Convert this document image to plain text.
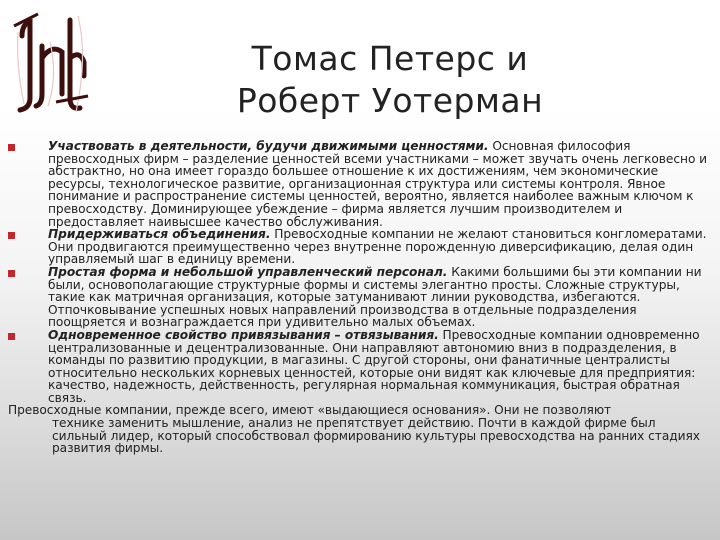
Томас Петерс и
Роберт Уотерман
Участвовать в деятельности, будучи движимыми ценностями. Основная философия превосходных фирм – разделение ценностей всеми участниками – может звучать очень легковесно и абстрактно, но она имеет гораздо большее отношение к их достижениям, чем экономические ресурсы, технологическое развитие, организационная структура или системы контроля. Явное понимание и распространение системы ценностей, вероятно, является наиболее важным ключом к превосходству. Доминирующее убеждение – фирма является лучшим производителем и предоставляет наивысшее качество обслуживания.
Придерживаться объединения. Превосходные компании не желают становиться конгломератами. Они продвигаются преимущественно через внутренне порожденную диверсификацию, делая один управляемый шаг в единицу времени.
Простая форма и небольшой управленческий персонал. Какими большими бы эти компании ни были, основополагающие структурные формы и системы элегантно просты. Сложные структуры, такие как матричная организация, которые затуманивают линии руководства, избегаются. Отпочковывание успешных новых направлений производства в отдельные подразделения поощряется и вознаграждается при удивительно малых объемах.
Одновременное свойство привязывания – отвязывания. Превосходные компании одновременно централизованные и децентрализованные. Они направляют автономию вниз в подразделения, в команды по развитию продукции, в магазины. С другой стороны, они фанатичные централисты относительно нескольких корневых ценностей, которые они видят как ключевые для предприятия: качество, надежность, действенность, регулярная нормальная коммуникация, быстрая обратная связь.
Превосходные компании, прежде всего, имеют «выдающиеся основания». Они не позволяют
технике заменить мышление, анализ не препятствует действию. Почти в каждой фирме был сильный лидер, который способствовал формированию культуры превосходства на ранних стадиях развития фирмы.
